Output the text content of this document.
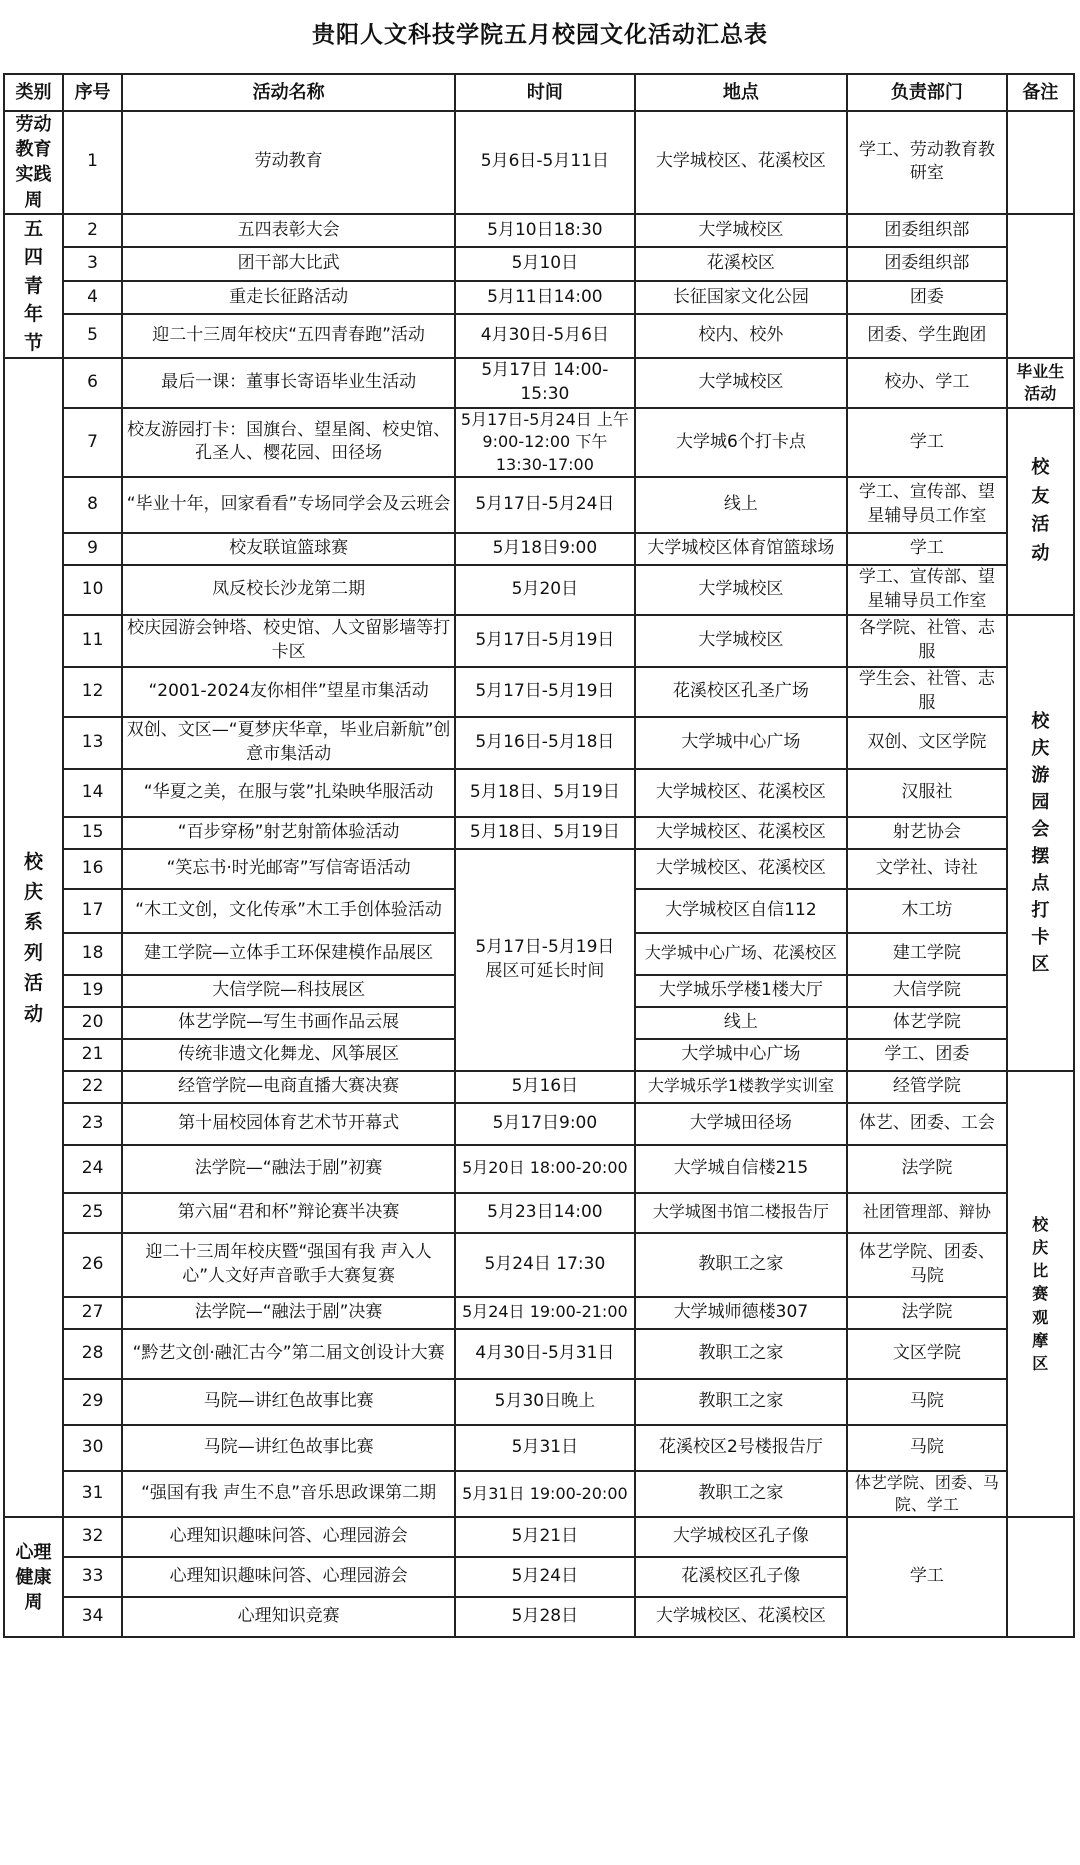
贵阳人文科技学院五月校园文化活动汇总表
类别	序号	活动名称	时间	地点	负责部门	备注

劳动教育实践周	1	劳动教育	5月6日-5月11日	大学城校区、花溪校区	学工、劳动教育教研室	

五四青年节	2	五四表彰大会	5月10日18:30	大学城校区	团委组织部	
	3	团干部大比武	5月10日	花溪校区	团委组织部	
	4	重走长征路活动	5月11日14:00	长征国家文化公园	团委	
	5	迎二十三周年校庆“五四青春跑”活动	4月30日-5月6日	校内、校外	团委、学生跑团	

校庆系列活动	6	最后一课：董事长寄语毕业生活动	5月17日 14:00-15:30	大学城校区	校办、学工	毕业生活动

	7	校友游园打卡：国旗台、望星阁、校史馆、孔圣人、樱花园、田径场	5月17日-5月24日 上午9:00-12:00 下午13:30-17:00	大学城6个打卡点	学工	校友活动

	8	“毕业十年，回家看看”专场同学会及云班会	5月17日-5月24日	线上	学工、宣传部、望星辅导员工作室	
	9	校友联谊篮球赛	5月18日9:00	大学城校区体育馆篮球场	学工	
	10	凤反校长沙龙第二期	5月20日	大学城校区	学工、宣传部、望星辅导员工作室	
	11	校庆园游会钟塔、校史馆、人文留影墙等打卡区	5月17日-5月19日	大学城校区	各学院、社管、志服	校庆游园会摆点打卡区

	12	“2001-2024友你相伴”望星市集活动	5月17日-5月19日	花溪校区孔圣广场	学生会、社管、志服	
	13	双创、文区—“夏梦庆华章，毕业启新航”创意市集活动	5月16日-5月18日	大学城中心广场	双创、文区学院	
	14	“华夏之美，在服与裳”扎染映华服活动	5月18日、5月19日	大学城校区、花溪校区	汉服社	
	15	“百步穿杨”射艺射箭体验活动	5月18日、5月19日	大学城校区、花溪校区	射艺协会	
	16	“笑忘书·时光邮寄”写信寄语活动	5月17日-5月19日展区可延长时间	大学城校区、花溪校区	文学社、诗社	
	17	“木工文创，文化传承”木工手创体验活动		大学城校区自信112	木工坊	
	18	建工学院—立体手工环保建模作品展区		大学城中心广场、花溪校区	建工学院	
	19	大信学院—科技展区		大学城乐学楼1楼大厅	大信学院	
	20	体艺学院—写生书画作品云展		线上	体艺学院	
	21	传统非遗文化舞龙、风筝展区		大学城中心广场	学工、团委	
	22	经管学院—电商直播大赛决赛	5月16日	大学城乐学1楼教学实训室	经管学院	校庆比赛观摩区

	23	第十届校园体育艺术节开幕式	5月17日9:00	大学城田径场	体艺、团委、工会	
	24	法学院—“融法于剧”初赛	5月20日 18:00-20:00	大学城自信楼215	法学院	
	25	第六届“君和杯”辩论赛半决赛	5月23日14:00	大学城图书馆二楼报告厅	社团管理部、辩协	
	26	迎二十三周年校庆暨“强国有我 声入人心”人文好声音歌手大赛复赛	5月24日 17:30	教职工之家	体艺学院、团委、马院	
	27	法学院—“融法于剧”决赛	5月24日 19:00-21:00	大学城师德楼307	法学院	
	28	“黔艺文创·融汇古今”第二届文创设计大赛	4月30日-5月31日	教职工之家	文区学院	
	29	马院—讲红色故事比赛	5月30日晚上	教职工之家	马院	
	30	马院—讲红色故事比赛	5月31日	花溪校区2号楼报告厅	马院	
	31	“强国有我 声生不息”音乐思政课第二期	5月31日 19:00-20:00	教职工之家	体艺学院、团委、马院、学工	

心理健康周	32	心理知识趣味问答、心理园游会	5月21日	大学城校区孔子像	学工	
	33	心理知识趣味问答、心理园游会	5月24日	花溪校区孔子像		
	34	心理知识竞赛	5月28日	大学城校区、花溪校区		
